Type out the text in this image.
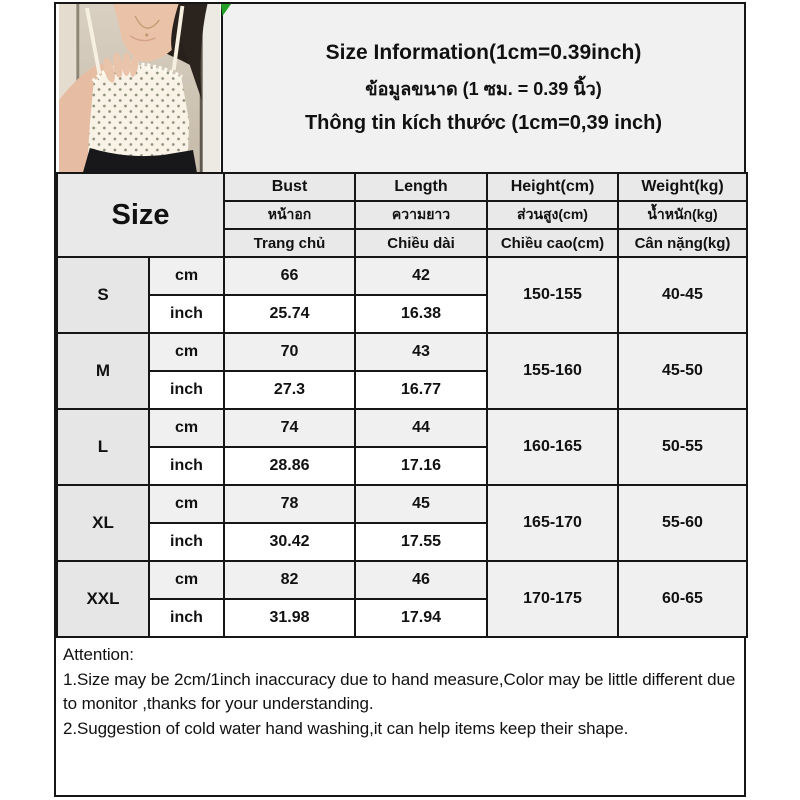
Size Information(1cm=0.39inch)
ข้อมูลขนาด (1 ซม. = 0.39 นิ้ว)
Thông tin kích thước (1cm=0,39 inch)
Size		Bust	Length	Height(cm)	Weight(kg)
		หน้าอก	ความยาว	ส่วนสูง(cm)	น้ำหนัก(kg)
		Trang chủ	Chiều dài	Chiều cao(cm)	Cân nặng(kg)
S	cm	66	42	150-155	40-45
	inch	25.74	16.38		
M	cm	70	43	155-160	45-50
	inch	27.3	16.77		
L	cm	74	44	160-165	50-55
	inch	28.86	17.16		
XL	cm	78	45	165-170	55-60
	inch	30.42	17.55		
XXL	cm	82	46	170-175	60-65
	inch	31.98	17.94		
Attention:
1.Size may be 2cm/1inch inaccuracy due to hand measure,Color may be little different due to monitor ,thanks for your understanding.
2.Suggestion of cold water hand washing,it can help items keep their shape.
